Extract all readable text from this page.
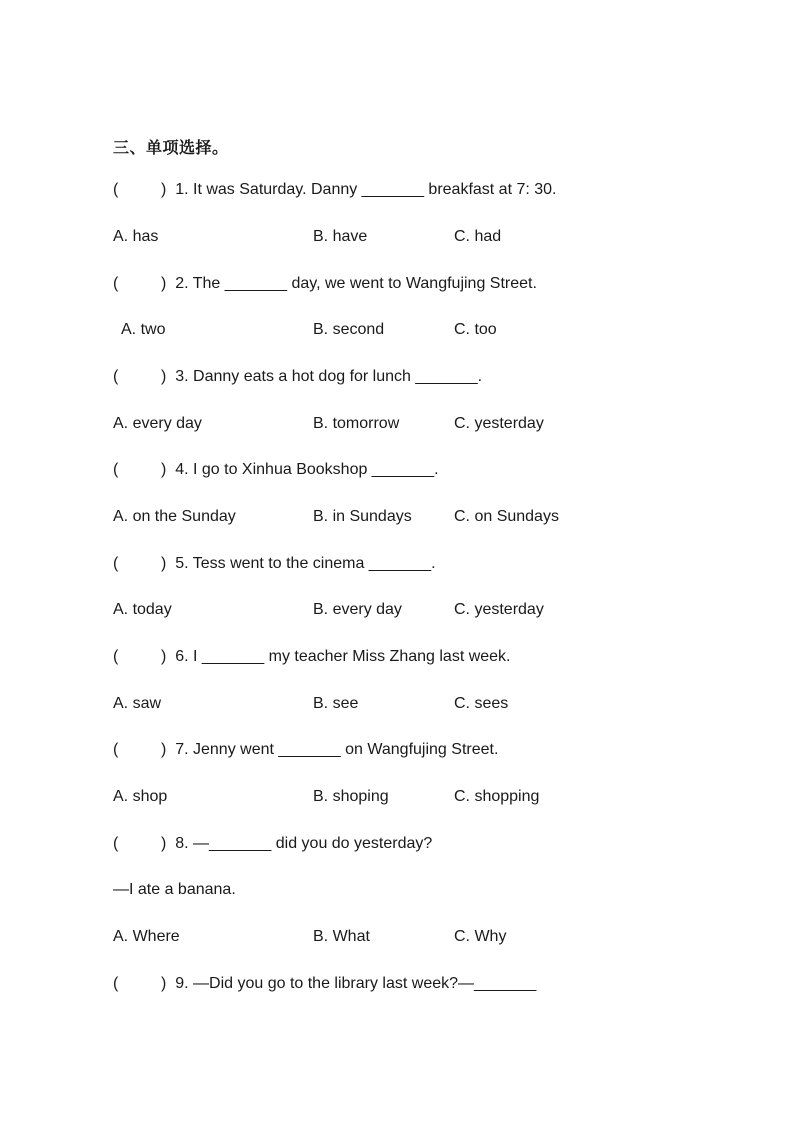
三、单项选择。
(	)  1. It was Saturday. Danny _______ breakfast at 7: 30.
A. has	B. have	C. had
(	)  2. The _______ day, we went to Wangfujing Street.
A. two	B. second	C. too
(	)  3. Danny eats a hot dog for lunch _______.
A. every day	B. tomorrow	C. yesterday
(	)  4. I go to Xinhua Bookshop _______.
A. on the Sunday	B. in Sundays	C. on Sundays
(	)  5. Tess went to the cinema _______.
A. today	B. every day	C. yesterday
(	)  6. I _______ my teacher Miss Zhang last week.
A. saw	B. see	C. sees
(	)  7. Jenny went _______ on Wangfujing Street.
A. shop	B. shoping	C. shopping
(	)  8. —_______ did you do yesterday?
—I ate a banana.
A. Where	B. What	C. Why
(	)  9. —Did you go to the library last week?—_______
